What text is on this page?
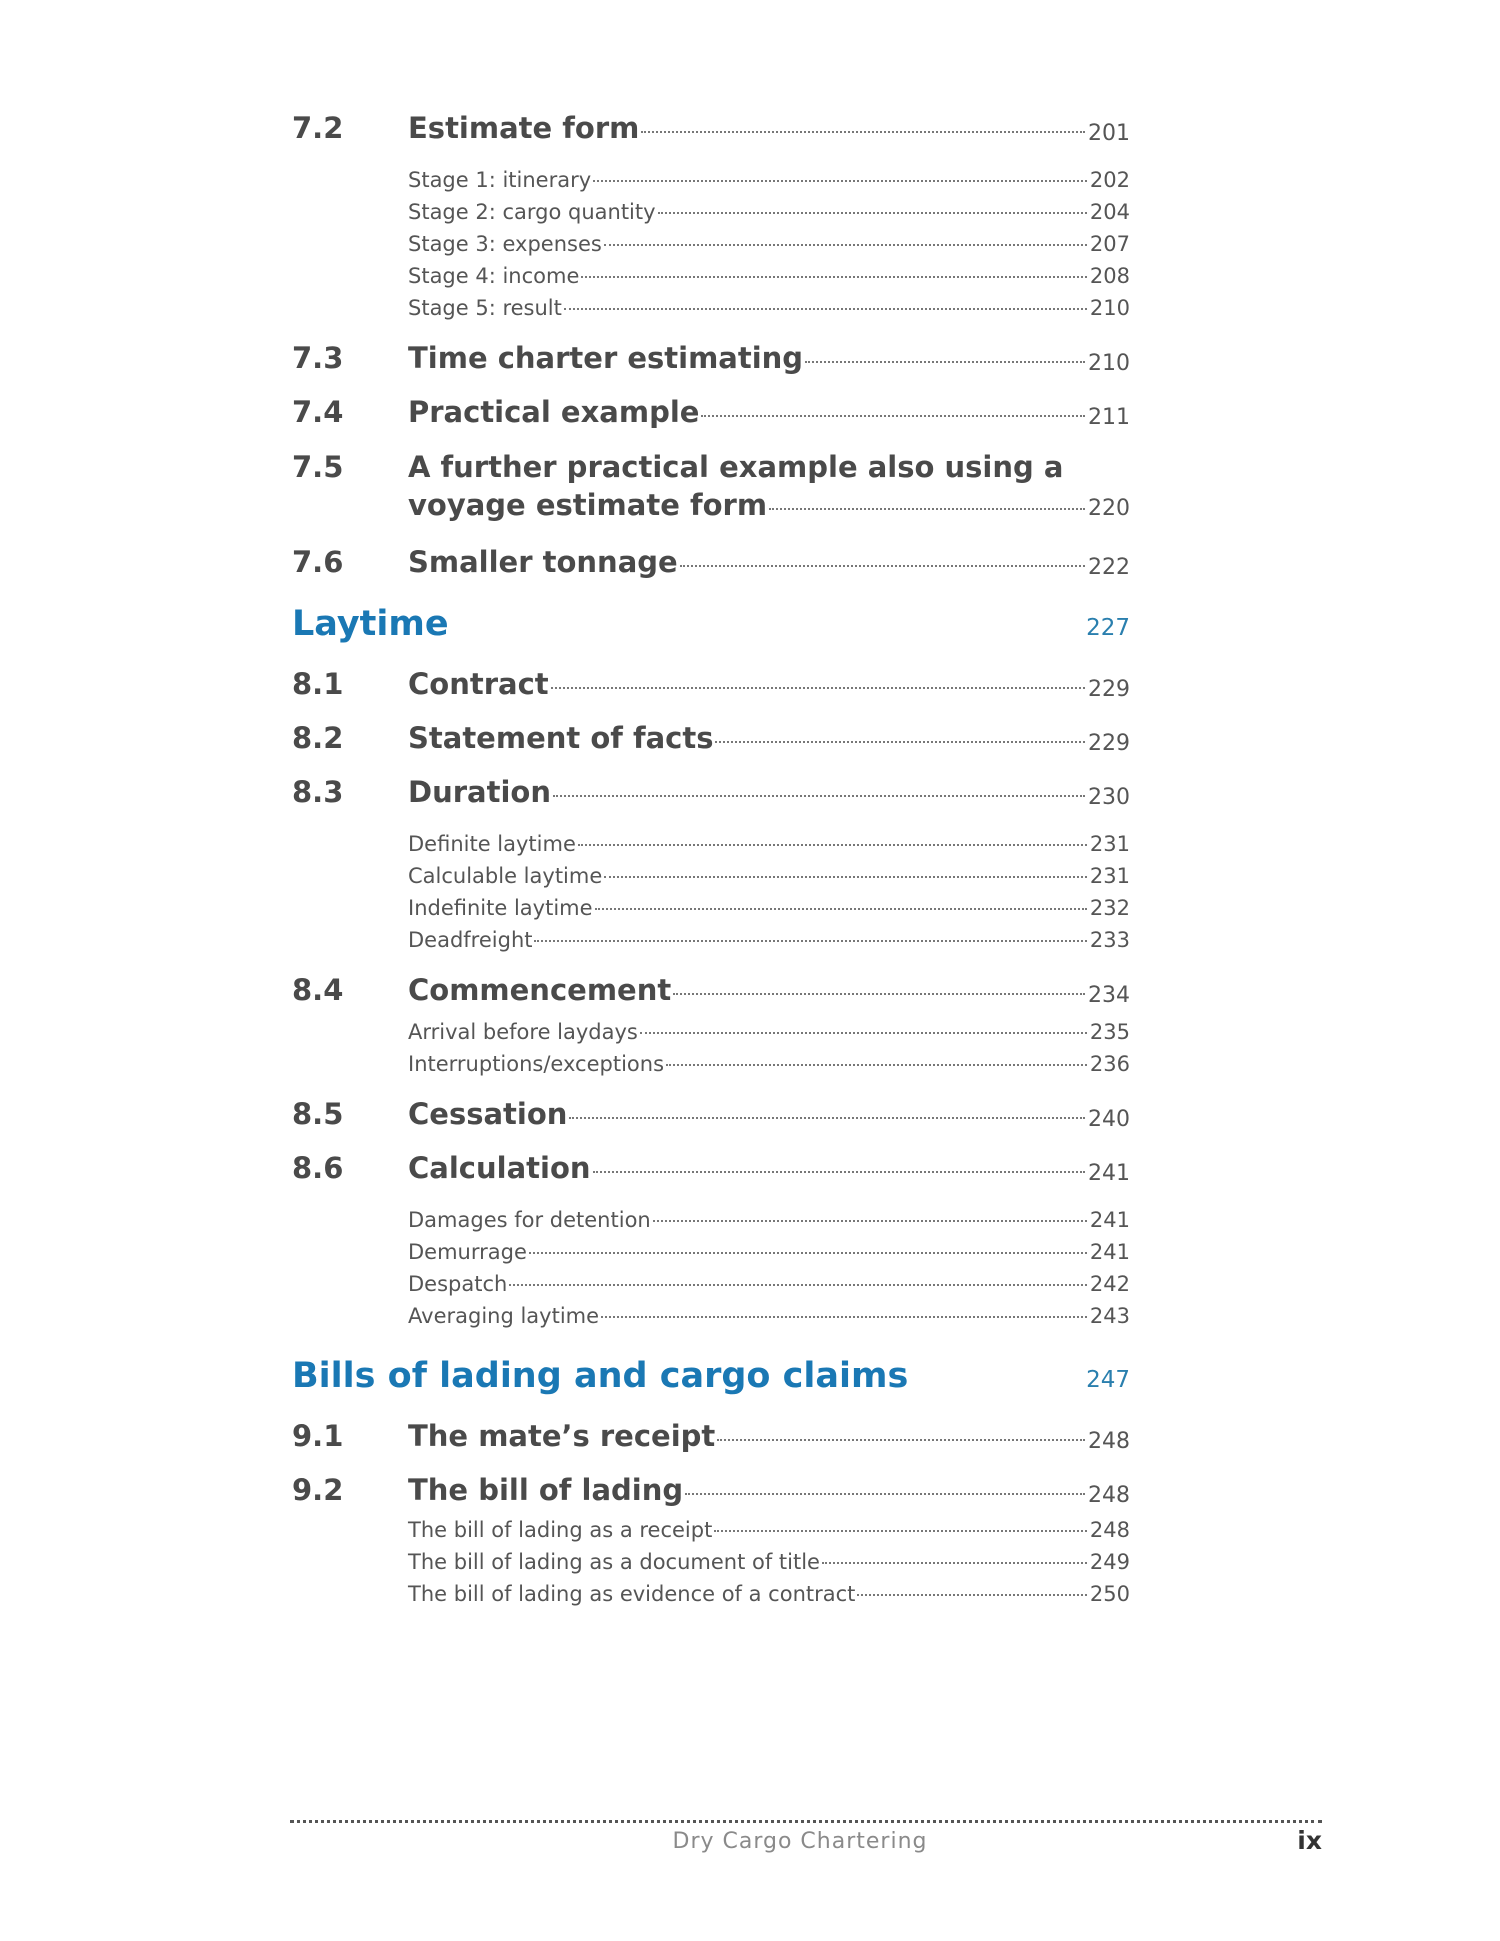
7.2	Estimate form	201
Stage 1: itinerary	202
Stage 2: cargo quantity	204
Stage 3: expenses	207
Stage 4: income	208
Stage 5: result	210
7.3	Time charter estimating	210
7.4	Practical example	211
7.5	A further practical example also using a
voyage estimate form	220
7.6	Smaller tonnage	222
Laytime	227
8.1	Contract	229
8.2	Statement of facts	229
8.3	Duration	230
Definite laytime	231
Calculable laytime	231
Indefinite laytime	232
Deadfreight	233
8.4	Commencement	234
Arrival before laydays	235
Interruptions/exceptions	236
8.5	Cessation	240
8.6	Calculation	241
Damages for detention	241
Demurrage	241
Despatch	242
Averaging laytime	243
Bills of lading and cargo claims	247
9.1	The mate’s receipt	248
9.2	The bill of lading	248
The bill of lading as a receipt	248
The bill of lading as a document of title	249
The bill of lading as evidence of a contract	250
Dry Cargo Chartering	ix
